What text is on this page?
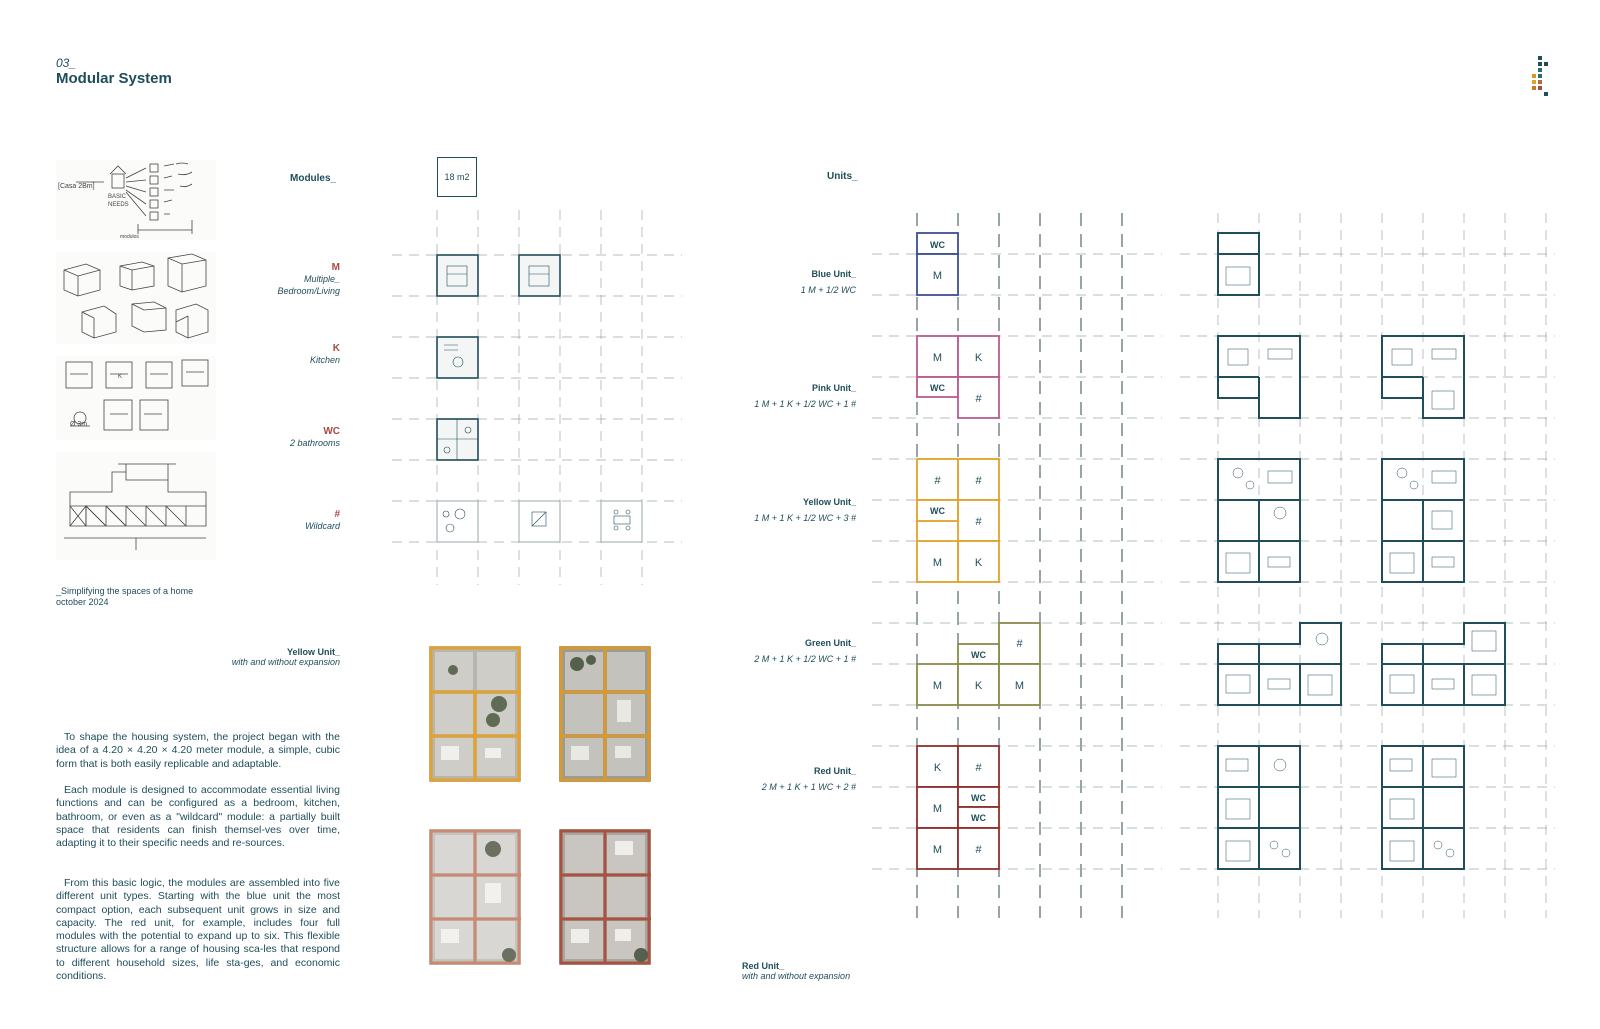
03_
Modular System
[Casa 2Bm]
BASIC
NEEDS
modulos
Ø 3m
K
_Simplifying the spaces of a home
october 2024
Modules_	18 m2
M
Multiple_
Bedroom/Living
K
Kitchen
WC
2 bathrooms
#
Wildcard
Yellow Unit_
with and without expansion

To shape the housing system, the project began with the idea of a 4.20 × 4.20 × 4.20 meter module, a simple, cubic form that is both easily replicable and adaptable.

Each module is designed to accommodate essential living functions and can be configured as a bedroom, kitchen, bathroom, or even as a "wildcard" module: a partially built space that residents can finish themsel-ves over time, adapting it to their specific needs and re-sources.

From this basic logic, the modules are assembled into five different unit types. Starting with the blue unit the most compact option, each subsequent unit grows in size and capacity. The red unit, for example, includes four full modules with the potential to expand up to six. This flexible structure allows for a range of housing sca-les that respond to different household sizes, life sta-ges, and economic conditions.

Units_
Blue Unit_
1 M + 1/2 WC
Pink Unit_
1 M + 1 K + 1/2 WC + 1 #
Yellow Unit_
1 M + 1 K + 1/2 WC + 3 #
Green Unit_
2 M + 1 K + 1/2 WC + 1 #
Red Unit_
2 M + 1 K + 1 WC + 2 #
Red Unit_
with and without expansion
WC
M
M	K
WC
#
#	#
WC
#
M	K
#
WC
M	K	M
K	#
WC
M
WC
M	#
